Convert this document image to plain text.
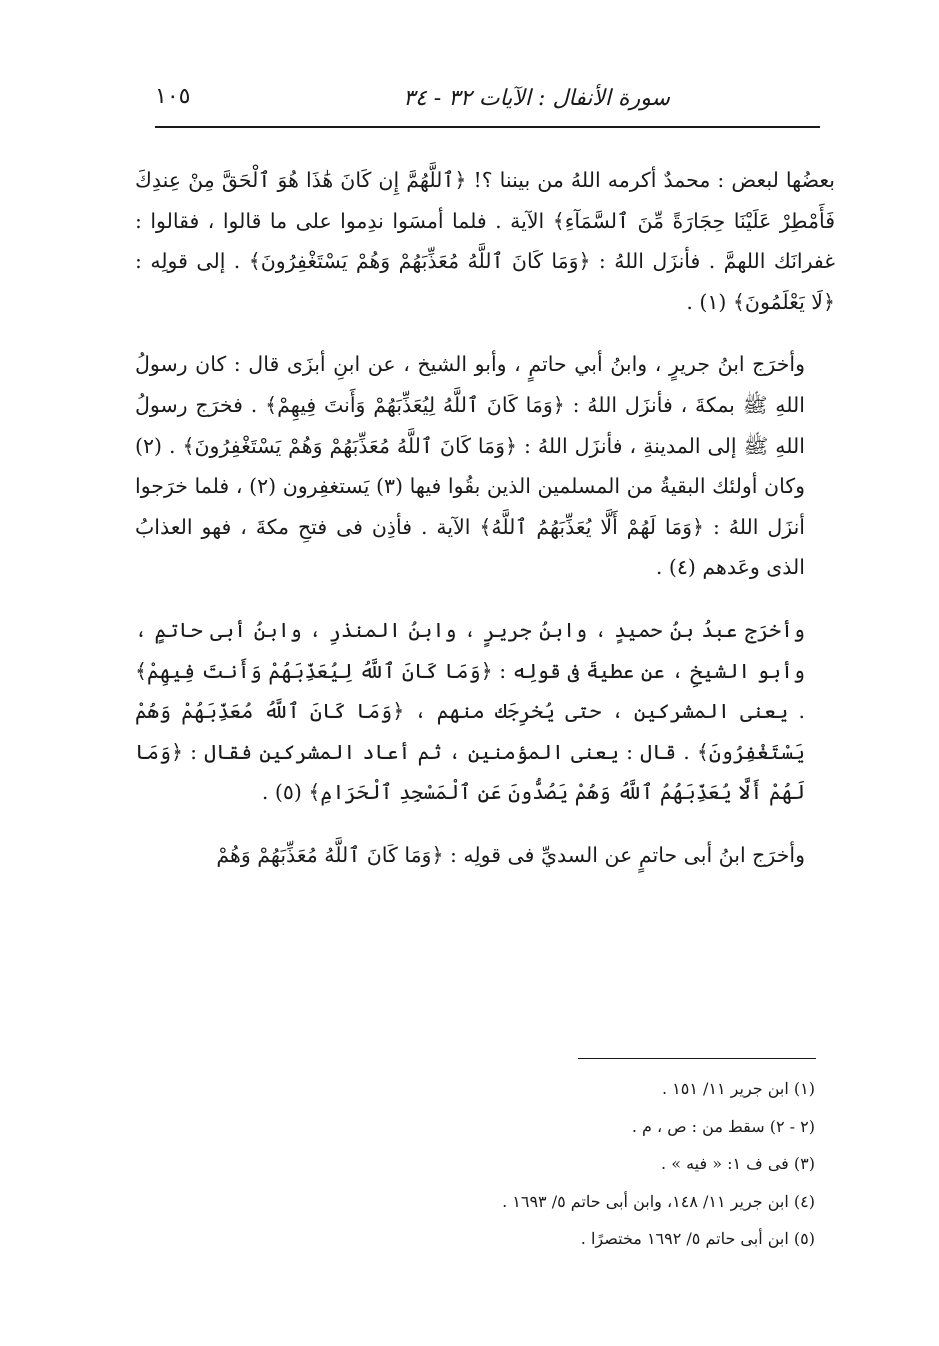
سورة الأنفال : الآيات ٣٢ - ٣٤
١٠٥

بعضُها لبعض : محمدٌ أكرمه اللهُ من بيننا ؟! ﴿ٱللَّهُمَّ إِن كَانَ هَٰذَا هُوَ ٱلْحَقَّ مِنْ عِندِكَ فَأَمْطِرْ عَلَيْنَا حِجَارَةً مِّنَ ٱلسَّمَآءِ﴾ الآية . فلما أمسَوا ندِموا على ما قالوا ، فقالوا : غفرانَك اللهمَّ . فأنزَل اللهُ : ﴿وَمَا كَانَ ٱللَّهُ مُعَذِّبَهُمْ وَهُمْ يَسْتَغْفِرُونَ﴾ . إلى قولِه : ﴿لَا يَعْلَمُونَ﴾ (١) .

وأخرَج ابنُ جريرٍ ، وابنُ أبي حاتمٍ ، وأبو الشيخ ، عن ابنِ أبزَى قال : كان رسولُ اللهِ ﷺ بمكةَ ، فأنزَل اللهُ : ﴿وَمَا كَانَ ٱللَّهُ لِيُعَذِّبَهُمْ وَأَنتَ فِيهِمْ﴾ . فخرَج رسولُ اللهِ ﷺ إلى المدينةِ ، فأنزَل اللهُ : ﴿وَمَا كَانَ ٱللَّهُ مُعَذِّبَهُمْ وَهُمْ يَسْتَغْفِرُونَ﴾ . (٢) وكان أولئك البقيةُ من المسلمين الذين بقُوا فيها (٣) يَستغفِرون (٢) ، فلما خرَجوا أنزَل اللهُ : ﴿وَمَا لَهُمْ أَلَّا يُعَذِّبَهُمُ ٱللَّهُ﴾ الآية . فأذِن فى فتحِ مكةَ ، فهو العذابُ الذى وعَدهم (٤) .

وأخرَج عبدُ بنُ حميدٍ ، وابنُ جريرٍ ، وابنُ المنذرِ ، وابنُ أبى حاتمٍ ، وأبو الشيخِ ، عن عطيةَ فى قولِه : ﴿وَمَا كَانَ ٱللَّهُ لِيُعَذِّبَهُمْ وَأَنتَ فِيهِمْ﴾ . يعنى المشركين ، حتى يُخرِجَك منهم ، ﴿وَمَا كَانَ ٱللَّهُ مُعَذِّبَهُمْ وَهُمْ يَسْتَغْفِرُونَ﴾ . قال : يعنى المؤمنين ، ثم أعاد المشركين فقال : ﴿وَمَا لَهُمْ أَلَّا يُعَذِّبَهُمُ ٱللَّهُ وَهُمْ يَصُدُّونَ عَنِ ٱلْمَسْجِدِ ٱلْحَرَامِ﴾ (٥) .

وأخرَج ابنُ أبى حاتمٍ عن السديِّ فى قولِه : ﴿وَمَا كَانَ ٱللَّهُ مُعَذِّبَهُمْ وَهُمْ

(١) ابن جرير ١١/ ١٥١ .

(٢ - ٢) سقط من : ص ، م .

(٣) فى ف ١: « فيه » .

(٤) ابن جرير ١١/ ١٤٨، وابن أبى حاتم ٥/ ١٦٩٣ .

(٥) ابن أبى حاتم ٥/ ١٦٩٢ مختصرًا .
